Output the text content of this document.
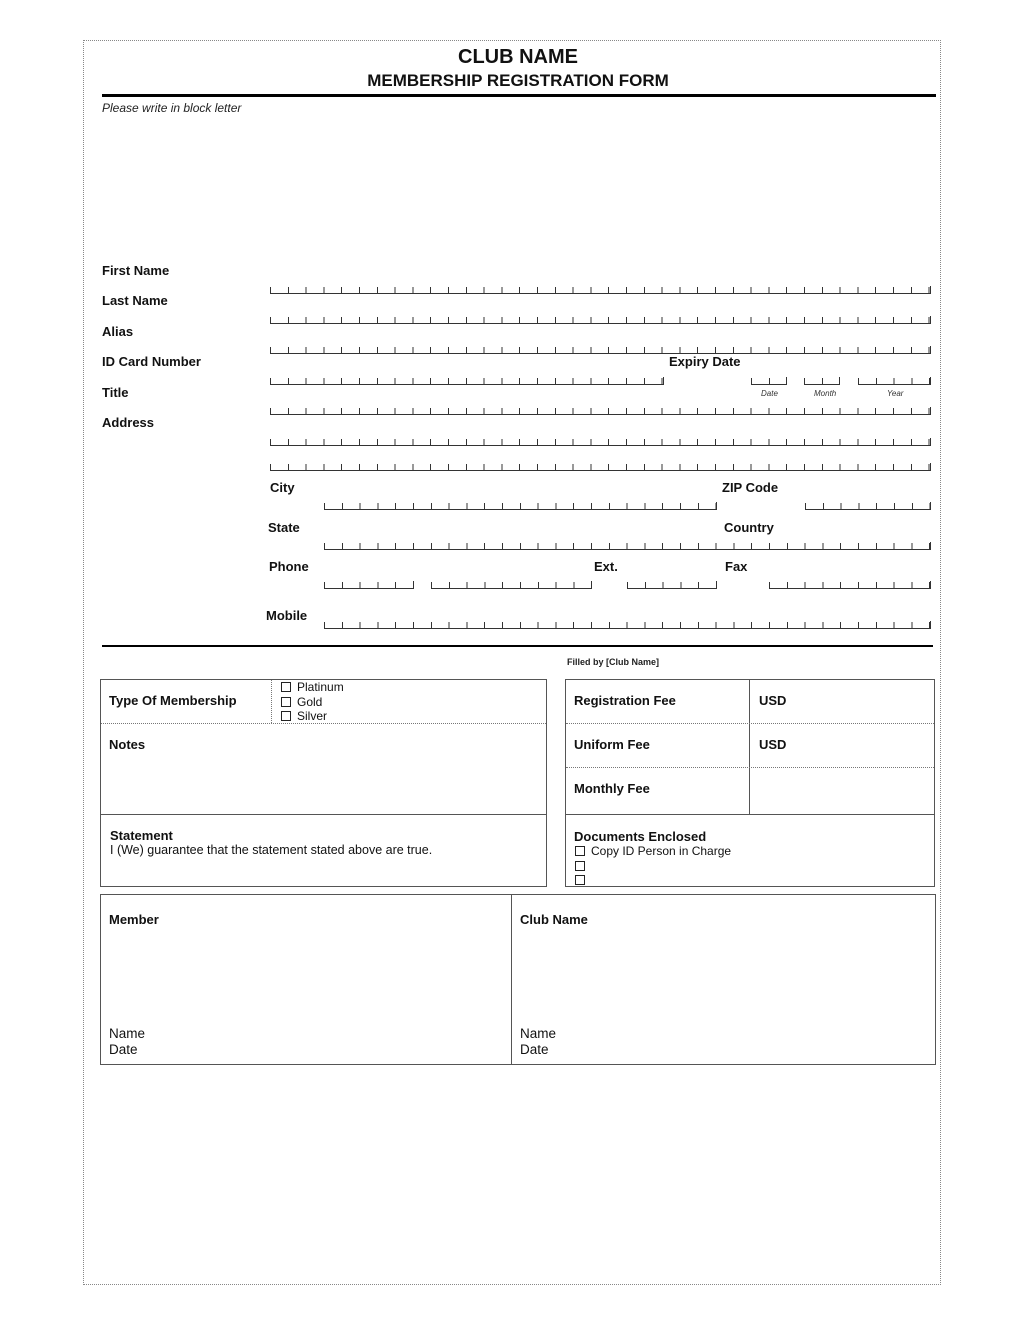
CLUB NAME
MEMBERSHIP REGISTRATION FORM
Please write in block letter
First Name
Last Name
Alias
ID Card Number
Title
Address
Expiry Date
Date	Month	Year
City	ZIP Code
State	Country
Phone	Ext.	Fax
Mobile
Filled by [Club Name]
Type Of Membership
Platinum
Gold
Silver
Notes
Statement
I (We) guarantee that the statement stated above are true.
Registration Fee	USD
Uniform Fee	USD
Monthly Fee
Documents Enclosed
Copy ID Person in Charge
Member	Club Name
Name
Date
Name
Date
